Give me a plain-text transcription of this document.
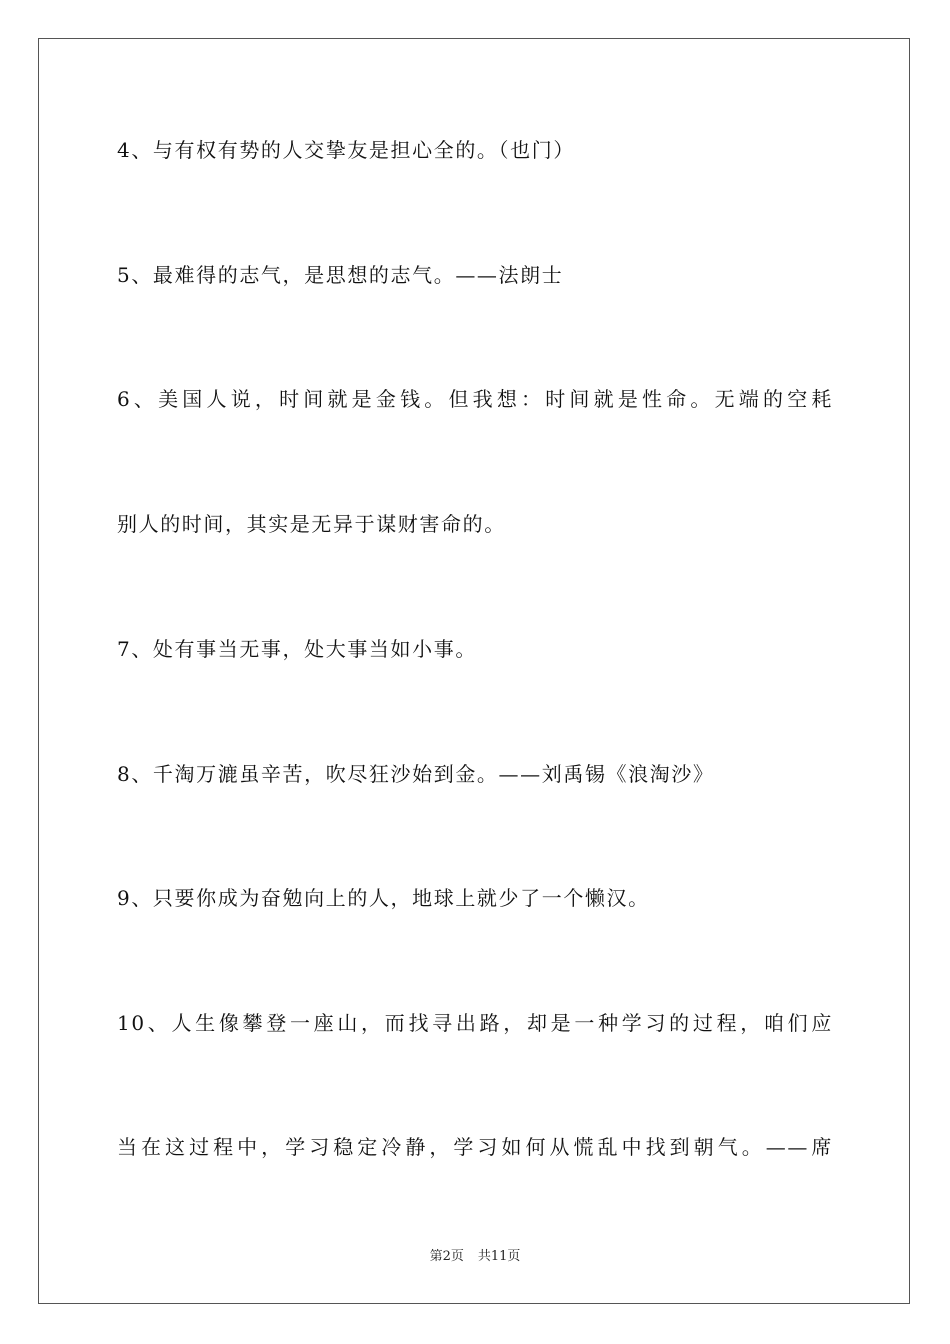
4、与有权有势的人交挚友是担心全的。（也门）
5、最难得的志气，是思想的志气。——法朗士
6、美国人说，时间就是金钱。但我想：时间就是性命。无端的空耗
别人的时间，其实是无异于谋财害命的。
7、处有事当无事，处大事当如小事。
8、千淘万漉虽辛苦，吹尽狂沙始到金。——刘禹锡《浪淘沙》
9、只要你成为奋勉向上的人，地球上就少了一个懒汉。
10、人生像攀登一座山，而找寻出路，却是一种学习的过程，咱们应
当在这过程中，学习稳定冷静，学习如何从慌乱中找到朝气。——席
第2页 共11页
